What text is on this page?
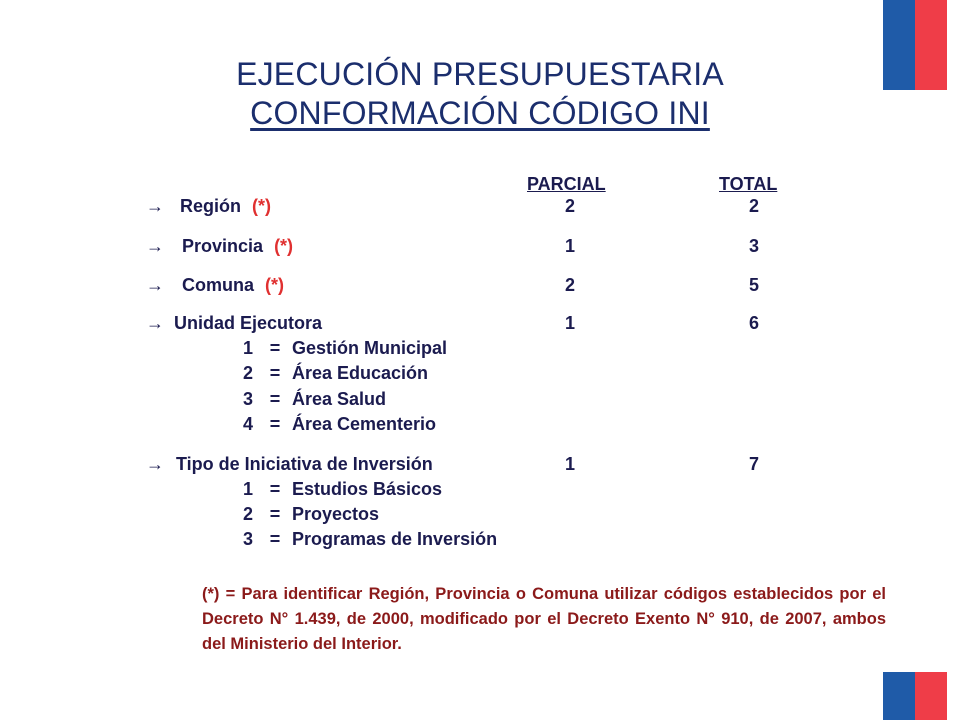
EJECUCIÓN PRESUPUESTARIA
CONFORMACIÓN CÓDIGO INI
PARCIAL	TOTAL
→ Región (*)	2	2
→ Provincia (*)	1	3
→ Comuna (*)	2	5
→ Unidad Ejecutora	1	6
1 = Gestión Municipal
2 = Área Educación
3 = Área Salud
4 = Área Cementerio
→ Tipo de Iniciativa de Inversión	1	7
1 = Estudios Básicos
2 = Proyectos
3 = Programas de Inversión
(*) = Para identificar Región, Provincia o Comuna utilizar códigos establecidos por el Decreto N° 1.439, de 2000, modificado por el Decreto Exento N° 910, de 2007, ambos del Ministerio del Interior.
